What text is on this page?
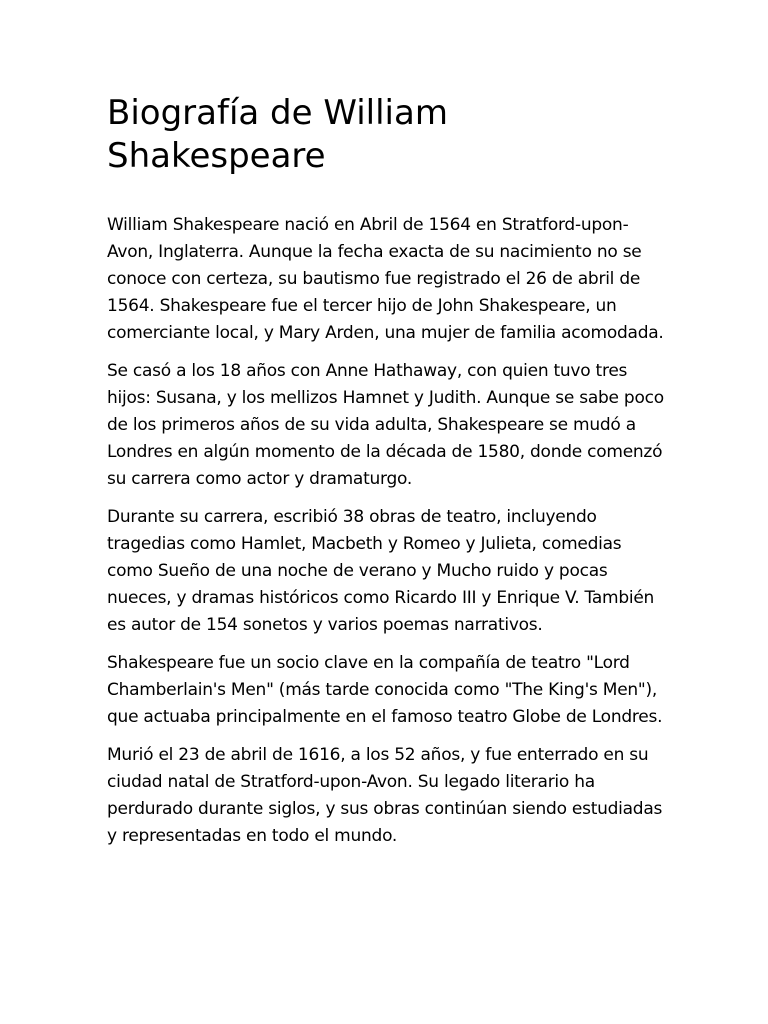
Biografía de William Shakespeare

William Shakespeare nació en Abril de 1564 en Stratford-upon-Avon, Inglaterra. Aunque la fecha exacta de su nacimiento no se conoce con certeza, su bautismo fue registrado el 26 de abril de 1564. Shakespeare fue el tercer hijo de John Shakespeare, un comerciante local, y Mary Arden, una mujer de familia acomodada.

Se casó a los 18 años con Anne Hathaway, con quien tuvo tres hijos: Susana, y los mellizos Hamnet y Judith. Aunque se sabe poco de los primeros años de su vida adulta, Shakespeare se mudó a Londres en algún momento de la década de 1580, donde comenzó su carrera como actor y dramaturgo.

Durante su carrera, escribió 38 obras de teatro, incluyendo tragedias como Hamlet, Macbeth y Romeo y Julieta, comedias como Sueño de una noche de verano y Mucho ruido y pocas nueces, y dramas históricos como Ricardo III y Enrique V. También es autor de 154 sonetos y varios poemas narrativos.

Shakespeare fue un socio clave en la compañía de teatro "Lord Chamberlain's Men" (más tarde conocida como "The King's Men"), que actuaba principalmente en el famoso teatro Globe de Londres.

Murió el 23 de abril de 1616, a los 52 años, y fue enterrado en su ciudad natal de Stratford-upon-Avon. Su legado literario ha perdurado durante siglos, y sus obras continúan siendo estudiadas y representadas en todo el mundo.
